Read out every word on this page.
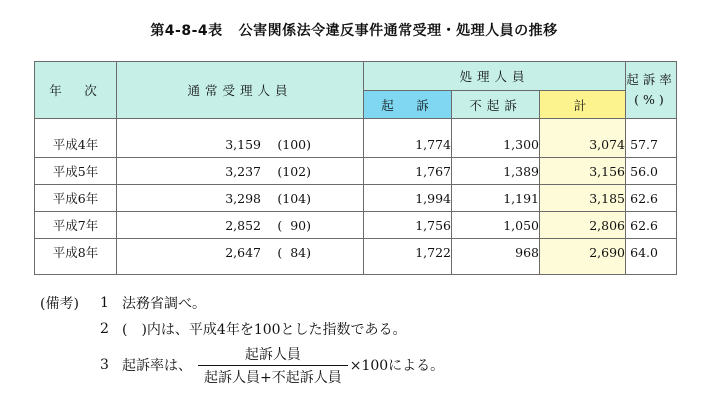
第4-8-4表 公害関係法令違反事件通常受理・処理人員の推移
年　次	通常受理人員	処理人員			起訴率
(%)

		起　訴	不起訴	計	
平成4年	3,159 (100)	1,774	1,300	3,074	57.7
平成5年	3,237 (102)	1,767	1,389	3,156	56.0
平成6年	3,298 (104)	1,994	1,191	3,185	62.6
平成7年	2,852 (  90)	1,756	1,050	2,806	62.6
平成8年	2,647 (  84)	1,722	968	2,690	64.0
(備考)	1 法務省調べ。
2 (　)内は、平成4年を100とした指数である。
3 起訴率は、 $\frac{\text{起訴人員}}{\text{起訴人員+不起訴人員}} \times 100$による。
